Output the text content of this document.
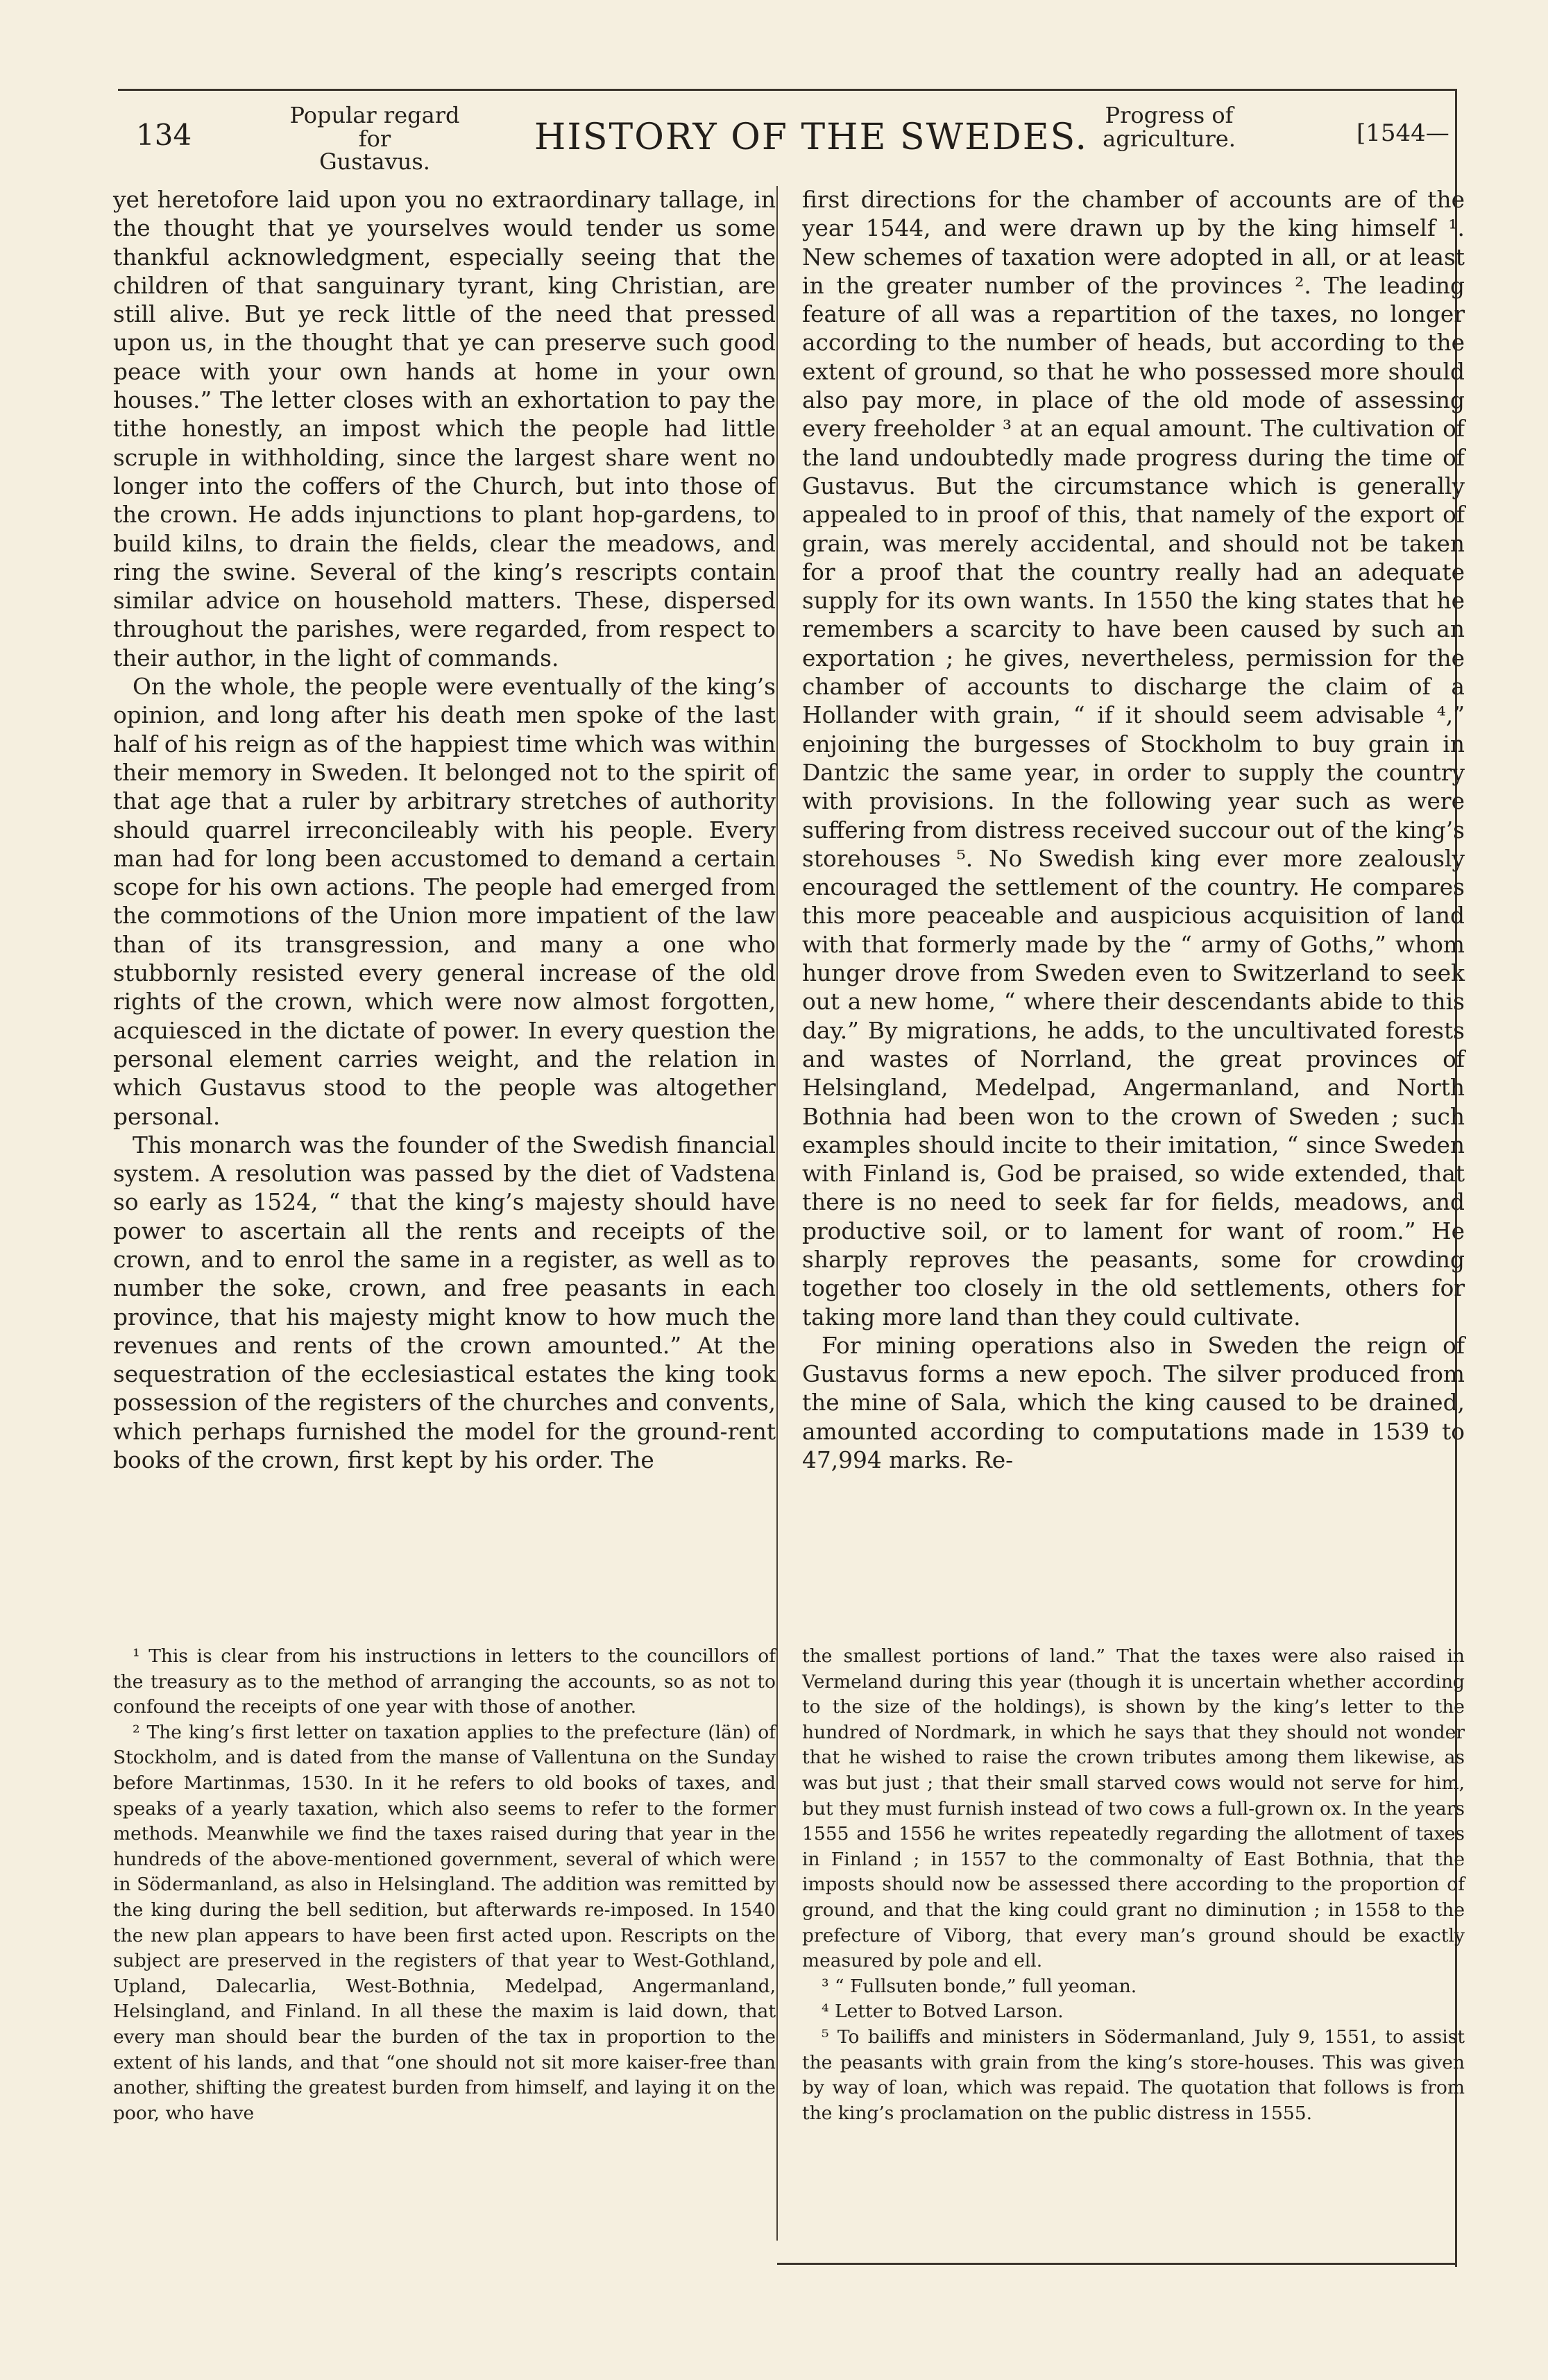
134
Popular regard for
Gustavus.
HISTORY OF THE SWEDES.
Progress of
agriculture.	[1544—

yet heretofore laid upon you no extraordinary tallage, in the thought that ye yourselves would tender us some thankful acknowledgment, especially seeing that the children of that sanguinary tyrant, king Christian, are still alive. But ye reck little of the need that pressed upon us, in the thought that ye can preserve such good peace with your own hands at home in your own houses.” The letter closes with an exhortation to pay the tithe honestly, an impost which the people had little scruple in withholding, since the largest share went no longer into the coffers of the Church, but into those of the crown. He adds injunctions to plant hop-gardens, to build kilns, to drain the fields, clear the meadows, and ring the swine. Several of the king’s rescripts contain similar advice on household matters. These, dispersed throughout the parishes, were regarded, from respect to their author, in the light of commands.

On the whole, the people were eventually of the king’s opinion, and long after his death men spoke of the last half of his reign as of the happiest time which was within their memory in Sweden. It belonged not to the spirit of that age that a ruler by arbitrary stretches of authority should quarrel irreconcileably with his people. Every man had for long been accustomed to demand a certain scope for his own actions. The people had emerged from the commotions of the Union more impatient of the law than of its transgression, and many a one who stubbornly resisted every general increase of the old rights of the crown, which were now almost forgotten, acquiesced in the dictate of power. In every question the personal element carries weight, and the relation in which Gustavus stood to the people was altogether personal.

This monarch was the founder of the Swedish financial system. A resolution was passed by the diet of Vadstena so early as 1524, “ that the king’s majesty should have power to ascertain all the rents and receipts of the crown, and to enrol the same in a register, as well as to number the soke, crown, and free peasants in each province, that his majesty might know to how much the revenues and rents of the crown amounted.” At the sequestration of the ecclesiastical estates the king took possession of the registers of the churches and convents, which perhaps furnished the model for the ground-rent books of the crown, first kept by his order. The

first directions for the chamber of accounts are of the year 1544, and were drawn up by the king himself ¹. New schemes of taxation were adopted in all, or at least in the greater number of the provinces ². The leading feature of all was a repartition of the taxes, no longer according to the number of heads, but according to the extent of ground, so that he who possessed more should also pay more, in place of the old mode of assessing every freeholder ³ at an equal amount. The cultivation of the land undoubtedly made progress during the time of Gustavus. But the circumstance which is generally appealed to in proof of this, that namely of the export of grain, was merely accidental, and should not be taken for a proof that the country really had an adequate supply for its own wants. In 1550 the king states that he remembers a scarcity to have been caused by such an exportation ; he gives, nevertheless, permission for the chamber of accounts to discharge the claim of a Hollander with grain, “ if it should seem advisable ⁴,” enjoining the burgesses of Stockholm to buy grain in Dantzic the same year, in order to supply the country with provisions. In the following year such as were suffering from distress received succour out of the king’s storehouses ⁵. No Swedish king ever more zealously encouraged the settlement of the country. He compares this more peaceable and auspicious acquisition of land with that formerly made by the “ army of Goths,” whom hunger drove from Sweden even to Switzerland to seek out a new home, “ where their descendants abide to this day.” By migrations, he adds, to the uncultivated forests and wastes of Norrland, the great provinces of Helsingland, Medelpad, Angermanland, and North Bothnia had been won to the crown of Sweden ; such examples should incite to their imitation, “ since Sweden with Finland is, God be praised, so wide extended, that there is no need to seek far for fields, meadows, and productive soil, or to lament for want of room.” He sharply reproves the peasants, some for crowding together too closely in the old settlements, others for taking more land than they could cultivate.

For mining operations also in Sweden the reign of Gustavus forms a new epoch. The silver produced from the mine of Sala, which the king caused to be drained, amounted according to computations made in 1539 to 47,994 marks. Re-

¹ This is clear from his instructions in letters to the councillors of the treasury as to the method of arranging the accounts, so as not to confound the receipts of one year with those of another.

² The king’s first letter on taxation applies to the prefecture (län) of Stockholm, and is dated from the manse of Vallentuna on the Sunday before Martinmas, 1530. In it he refers to old books of taxes, and speaks of a yearly taxation, which also seems to refer to the former methods. Meanwhile we find the taxes raised during that year in the hundreds of the above-mentioned government, several of which were in Södermanland, as also in Helsingland. The addition was remitted by the king during the bell sedition, but afterwards re-imposed. In 1540 the new plan appears to have been first acted upon. Rescripts on the subject are preserved in the registers of that year to West-Gothland, Upland, Dalecarlia, West-Bothnia, Medelpad, Angermanland, Helsingland, and Finland. In all these the maxim is laid down, that every man should bear the burden of the tax in proportion to the extent of his lands, and that “one should not sit more kaiser-free than another, shifting the greatest burden from himself, and laying it on the poor, who have

the smallest portions of land.” That the taxes were also raised in Vermeland during this year (though it is uncertain whether according to the size of the holdings), is shown by the king’s letter to the hundred of Nordmark, in which he says that they should not wonder that he wished to raise the crown tributes among them likewise, as was but just ; that their small starved cows would not serve for him, but they must furnish instead of two cows a full-grown ox. In the years 1555 and 1556 he writes repeatedly regarding the allotment of taxes in Finland ; in 1557 to the commonalty of East Bothnia, that the imposts should now be assessed there according to the proportion of ground, and that the king could grant no diminution ; in 1558 to the prefecture of Viborg, that every man’s ground should be exactly measured by pole and ell.

³ “ Fullsuten bonde,” full yeoman.

⁴ Letter to Botved Larson.

⁵ To bailiffs and ministers in Södermanland, July 9, 1551, to assist the peasants with grain from the king’s store-houses. This was given by way of loan, which was repaid. The quotation that follows is from the king’s proclamation on the public distress in 1555.
